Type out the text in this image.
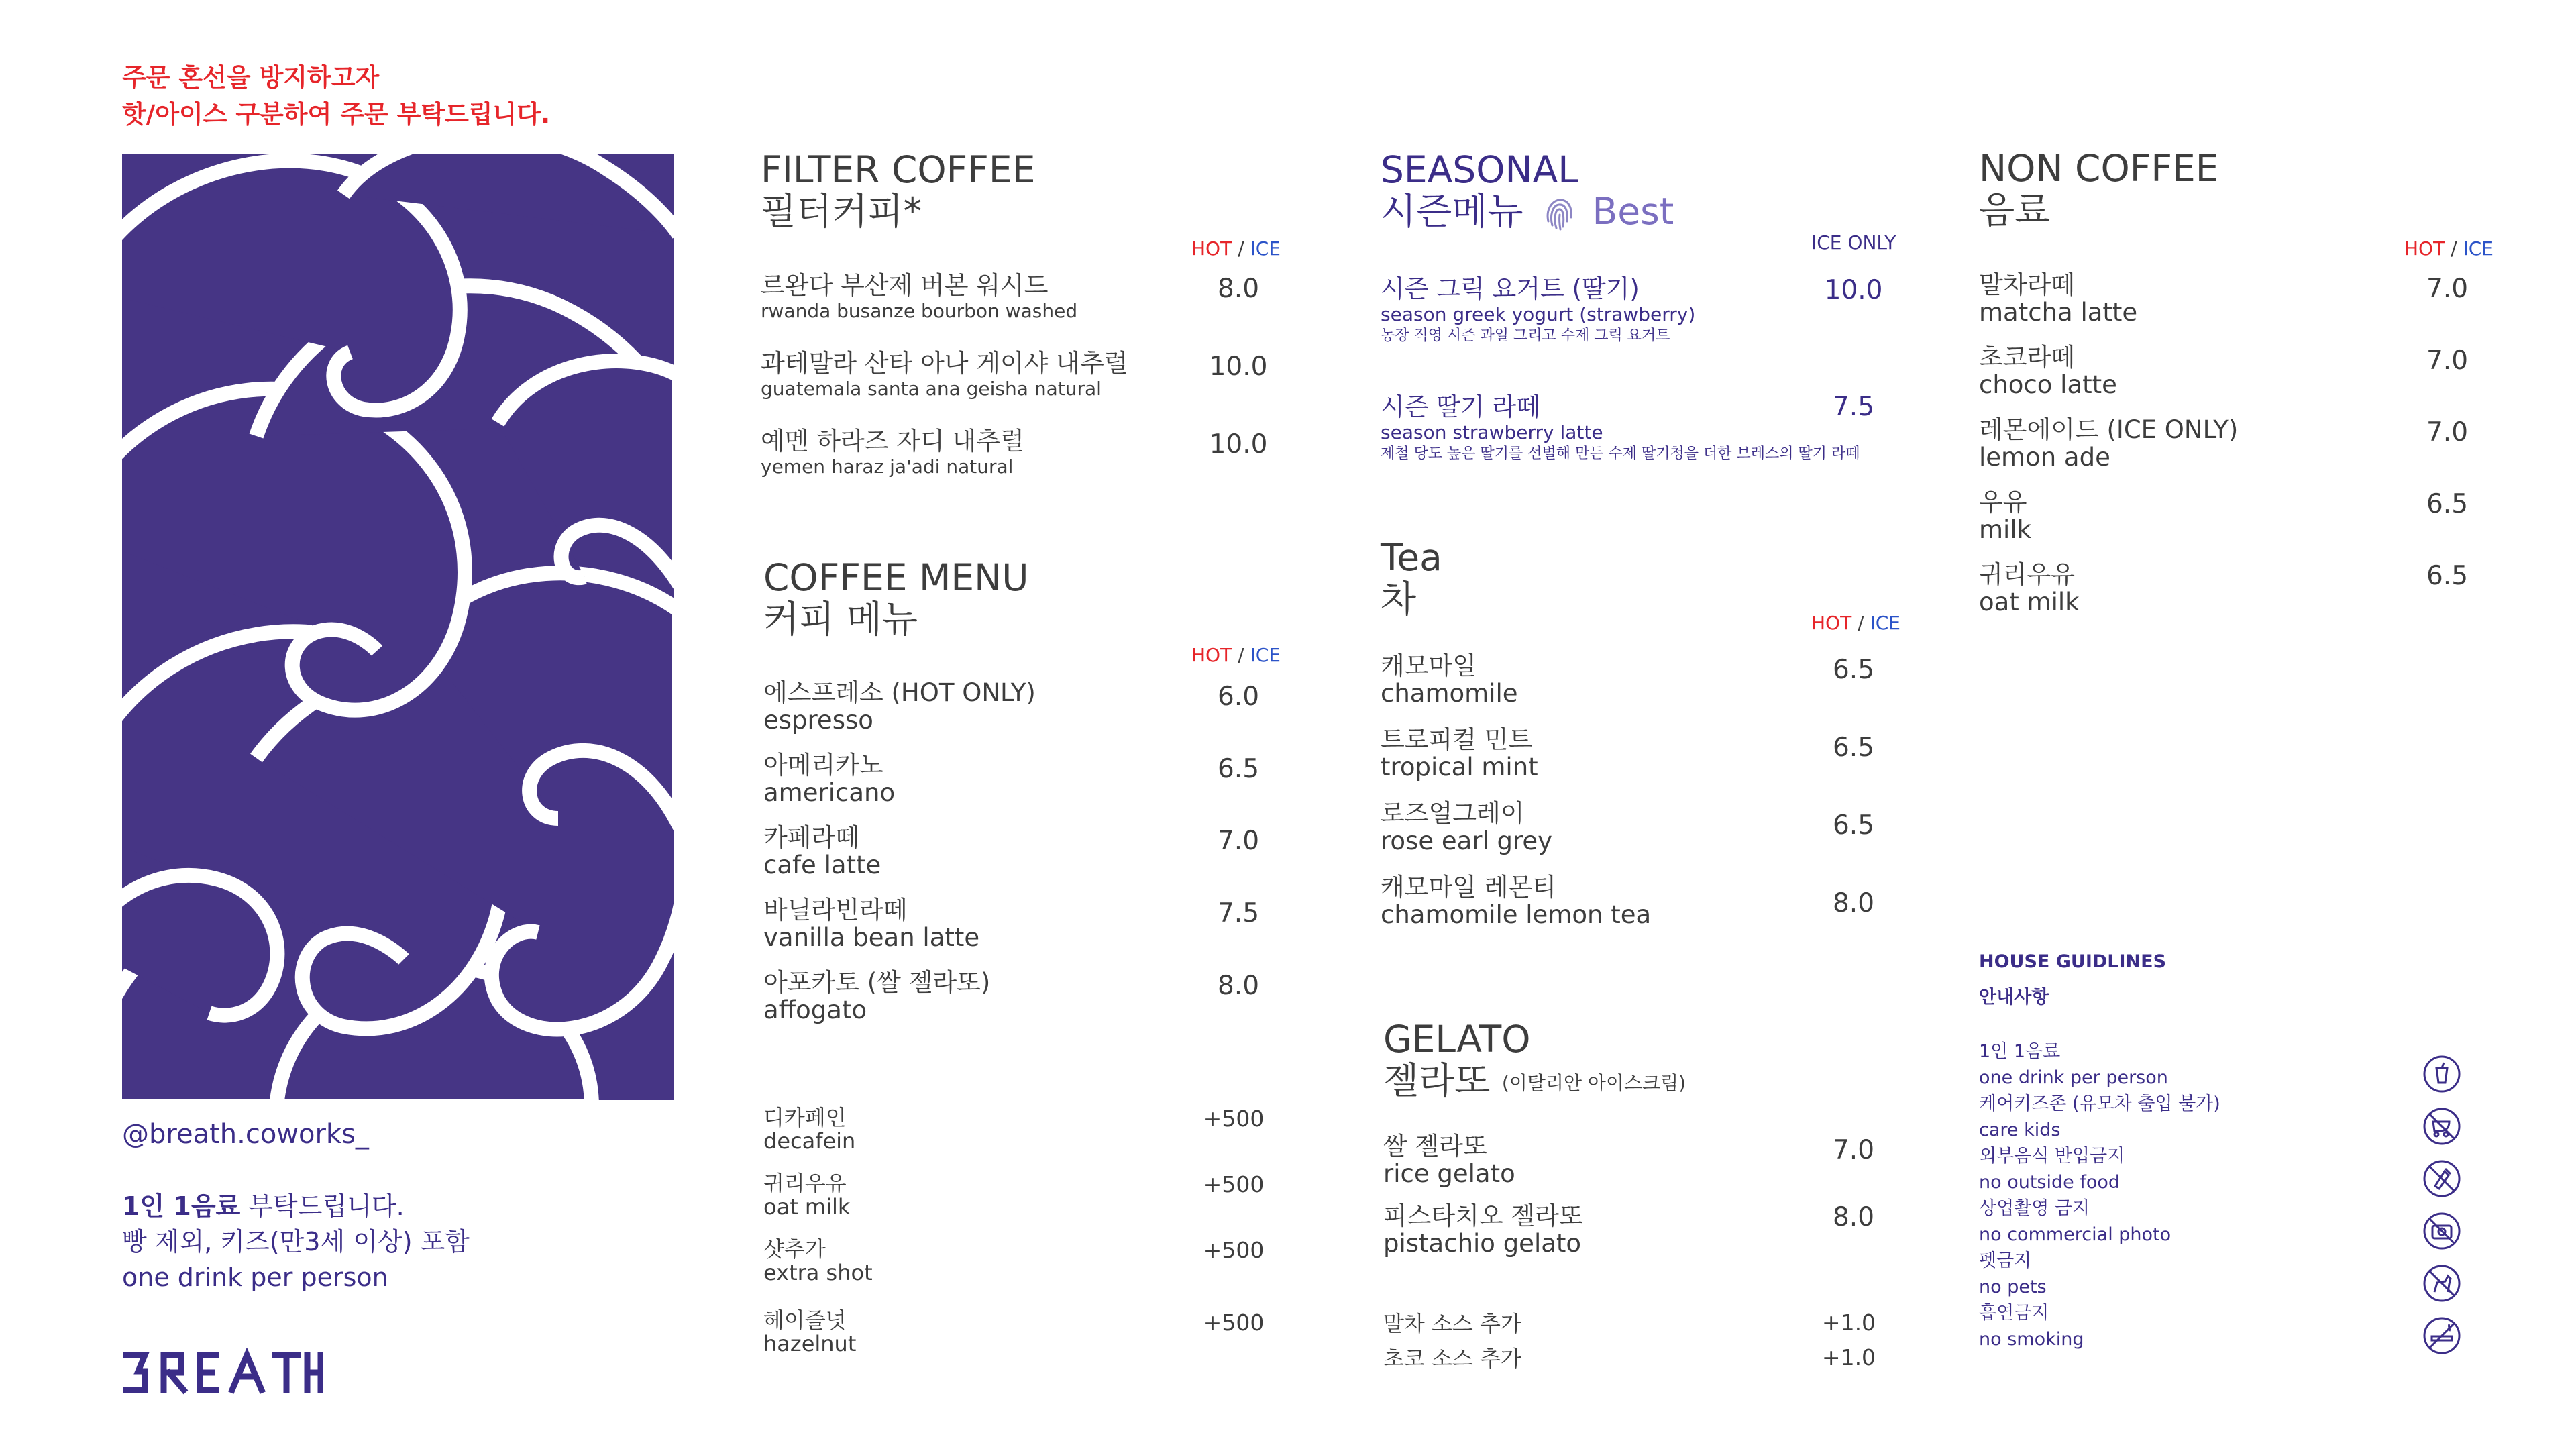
주문 혼선을 방지하고자
핫/아이스 구분하여 주문 부탁드립니다.
@breath.coworks_
1인 1음료 부탁드립니다.
빵 제외, 키즈(만3세 이상) 포함
one drink per person
FILTER COFFEE
필터커피*
HOT / ICE
르완다 부산제 버본 워시드
rwanda busanze bourbon washed
8.0
과테말라 산타 아나 게이샤 내추럴
guatemala santa ana geisha natural
10.0
예멘 하라즈 자디 내추럴
yemen haraz ja'adi natural
10.0
COFFEE MENU
커피 메뉴
HOT / ICE
에스프레소 (HOT ONLY)
espresso
6.0
아메리카노
americano
6.5
카페라떼
cafe latte
7.0
바닐라빈라떼
vanilla bean latte
7.5
아포카토 (쌀 젤라또)
affogato
8.0
디카페인
decafein
+500
귀리우유
oat milk
+500
샷추가
extra shot
+500
헤이즐넛
hazelnut
+500
SEASONAL
시즌메뉴 Best
ICE ONLY
시즌 그릭 요거트 (딸기)
season greek yogurt (strawberry)
농장 직영 시즌 과일 그리고 수제 그릭 요거트
10.0
시즌 딸기 라떼
season strawberry latte
제철 당도 높은 딸기를 선별해 만든 수제 딸기청을 더한 브레스의 딸기 라떼
7.5
Tea
차
HOT / ICE
캐모마일
chamomile
6.5
트로피컬 민트
tropical mint
6.5
로즈얼그레이
rose earl grey
6.5
캐모마일 레몬티
chamomile lemon tea	8.0
GELATO
젤라또 (이탈리안 아이스크림)
쌀 젤라또
rice gelato
7.0
피스타치오 젤라또
pistachio gelato
8.0
말차 소스 추가	+1.0
초코 소스 추가	+1.0
NON COFFEE
음료
HOT / ICE
말차라떼
matcha latte
7.0
초코라떼
choco latte
7.0
레몬에이드 (ICE ONLY)
lemon ade
7.0
우유
milk
6.5
귀리우유
oat milk
6.5
HOUSE GUIDLINES
안내사항
1인 1음료
one drink per person
케어키즈존 (유모차 출입 불가)
care kids
외부음식 반입금지
no outside food
상업촬영 금지
no commercial photo
펫금지
no pets
흡연금지
no smoking
